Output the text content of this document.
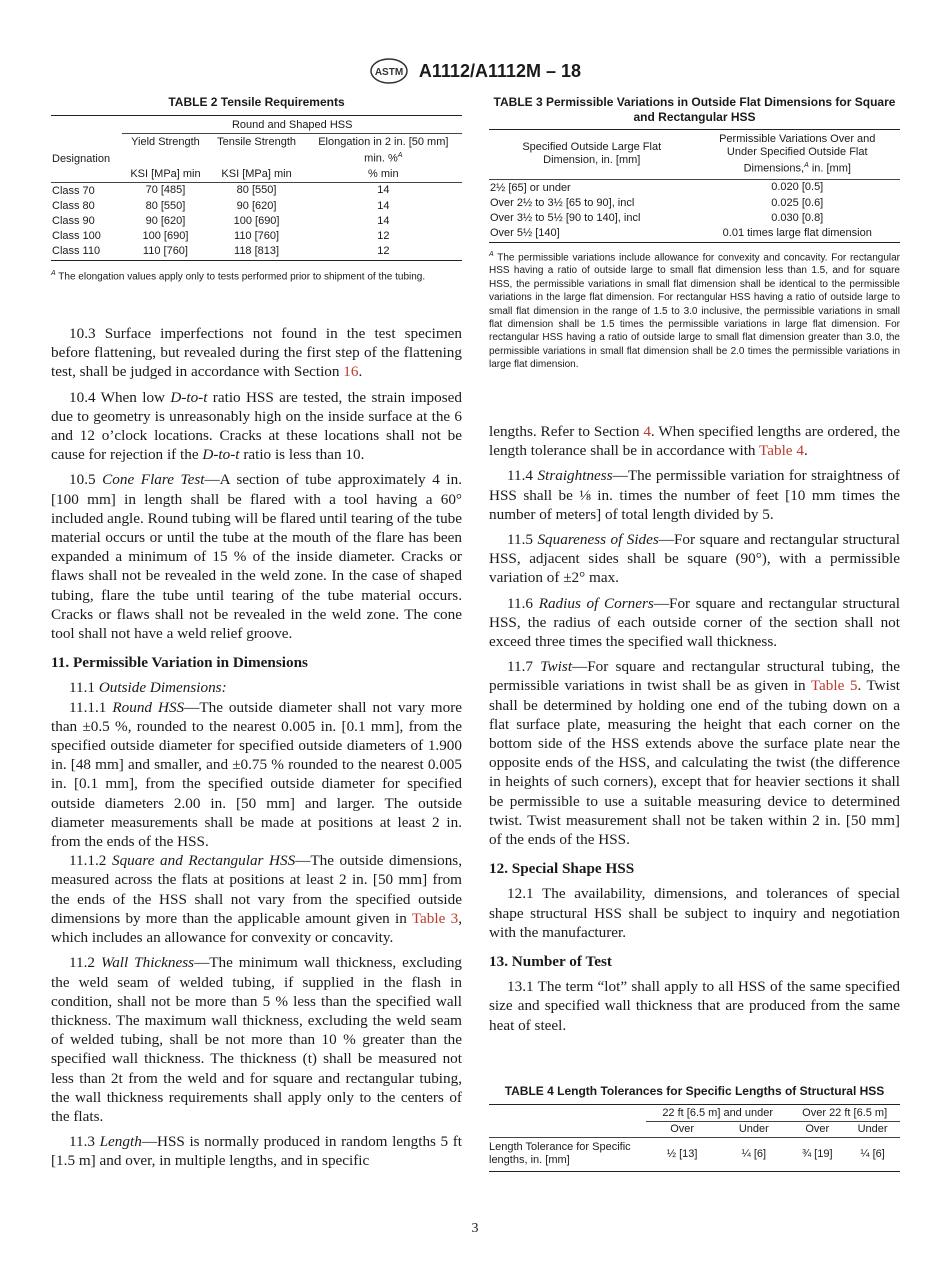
ASTM A1112/A1112M – 18
TABLE 2 Tensile Requirements
	Round and Shaped HSS		
Designation	Yield Strength	Tensile Strength	Elongation in 2 in. [50 mm]
min. %$^A$

	KSI [MPa] min	KSI [MPa] min	% min
Class 70	70 [485]	80 [550]	14
Class 80	80 [550]	90 [620]	14
Class 90	90 [620]	100 [690]	14
Class 100	100 [690]	110 [760]	12
Class 110	110 [760]	118 [813]	12
$^A$ The elongation values apply only to tests performed prior to shipment of the tubing.
TABLE 3 Permissible Variations in Outside Flat Dimensions for Square and Rectangular HSS
Specified Outside Large Flat Dimension, in. [mm]	Permissible Variations Over and Under Specified Outside Flat Dimensions,$^A$ in. [mm]
2½ [65] or under	0.020 [0.5]
Over 2½ to 3½ [65 to 90], incl	0.025 [0.6]
Over 3½ to 5½ [90 to 140], incl	0.030 [0.8]
Over 5½ [140]	0.01 times large flat dimension
$^A$ The permissible variations include allowance for convexity and concavity. For rectangular HSS having a ratio of outside large to small flat dimension less than 1.5, and for square HSS, the permissible variations in small flat dimension shall be identical to the permissible variations in the large flat dimension. For rectangular HSS having a ratio of outside large to small flat dimension in the range of 1.5 to 3.0 inclusive, the permissible variations in small flat dimension shall be 1.5 times the permissible variations in large flat dimension. For rectangular HSS having a ratio of outside large to small flat dimension greater than 3.0, the permissible variations in small flat dimension shall be 2.0 times the permissible variations in large flat dimension.

10.3 Surface imperfections not found in the test specimen before flattening, but revealed during the first step of the flattening test, shall be judged in accordance with Section 16.

10.4 When low D-to-t ratio HSS are tested, the strain imposed due to geometry is unreasonably high on the inside surface at the 6 and 12 o’clock locations. Cracks at these locations shall not be cause for rejection if the D-to-t ratio is less than 10.

10.5 Cone Flare Test—A section of tube approximately 4 in. [100 mm] in length shall be flared with a tool having a 60° included angle. Round tubing will be flared until tearing of the tube material occurs or until the tube at the mouth of the flare has been expanded a minimum of 15 % of the inside diameter. Cracks or flaws shall not be revealed in the weld zone. In the case of shaped tubing, flare the tube until tearing of the tube material occurs. Cracks or flaws shall not be revealed in the weld zone. The cone tool shall not have a weld relief groove.

11. Permissible Variation in Dimensions

11.1 Outside Dimensions:

11.1.1 Round HSS—The outside diameter shall not vary more than ±0.5 %, rounded to the nearest 0.005 in. [0.1 mm], from the specified outside diameter for specified outside diameters of 1.900 in. [48 mm] and smaller, and ±0.75 % rounded to the nearest 0.005 in. [0.1 mm], from the specified outside diameter for specified outside diameters 2.00 in. [50 mm] and larger. The outside diameter measurements shall be made at positions at least 2 in. from the ends of the HSS.

11.1.2 Square and Rectangular HSS—The outside dimensions, measured across the flats at positions at least 2 in. [50 mm] from the ends of the HSS shall not vary from the specified outside dimensions by more than the applicable amount given in Table 3, which includes an allowance for convexity or concavity.

11.2 Wall Thickness—The minimum wall thickness, excluding the weld seam of welded tubing, if supplied in the flash in condition, shall not be more than 5 % less than the specified wall thickness. The maximum wall thickness, excluding the weld seam of welded tubing, shall be not more than 10 % greater than the specified wall thickness. The thickness (t) shall be measured not less than 2t from the weld and for square and rectangular tubing, the wall thickness requirements shall apply only to the centers of the flats.

11.3 Length—HSS is normally produced in random lengths 5 ft [1.5 m] and over, in multiple lengths, and in specific

lengths. Refer to Section 4. When specified lengths are ordered, the length tolerance shall be in accordance with Table 4.

11.4 Straightness—The permissible variation for straightness of HSS shall be ⅛ in. times the number of feet [10 mm times the number of meters] of total length divided by 5.

11.5 Squareness of Sides—For square and rectangular structural HSS, adjacent sides shall be square (90°), with a permissible variation of ±2° max.

11.6 Radius of Corners—For square and rectangular structural HSS, the radius of each outside corner of the section shall not exceed three times the specified wall thickness.

11.7 Twist—For square and rectangular structural tubing, the permissible variations in twist shall be as given in Table 5. Twist shall be determined by holding one end of the tubing down on a flat surface plate, measuring the height that each corner on the bottom side of the HSS extends above the surface plate near the opposite ends of the HSS, and calculating the twist (the difference in heights of such corners), except that for heavier sections it shall be permissible to use a suitable measuring device to determined twist. Twist measurement shall not be taken within 2 in. [50 mm] of the ends of the HSS.

12. Special Shape HSS

12.1 The availability, dimensions, and tolerances of special shape structural HSS shall be subject to inquiry and negotiation with the manufacturer.

13. Number of Test

13.1 The term “lot” shall apply to all HSS of the same specified size and specified wall thickness that are produced from the same heat of steel.

TABLE 4 Length Tolerances for Specific Lengths of Structural HSS
	22 ft [6.5 m] and under		Over 22 ft [6.5 m]	
	Over	Under	Over	Under
Length Tolerance for Specific lengths, in. [mm]	½ [13]	¼ [6]	¾ [19]	¼ [6]
3
